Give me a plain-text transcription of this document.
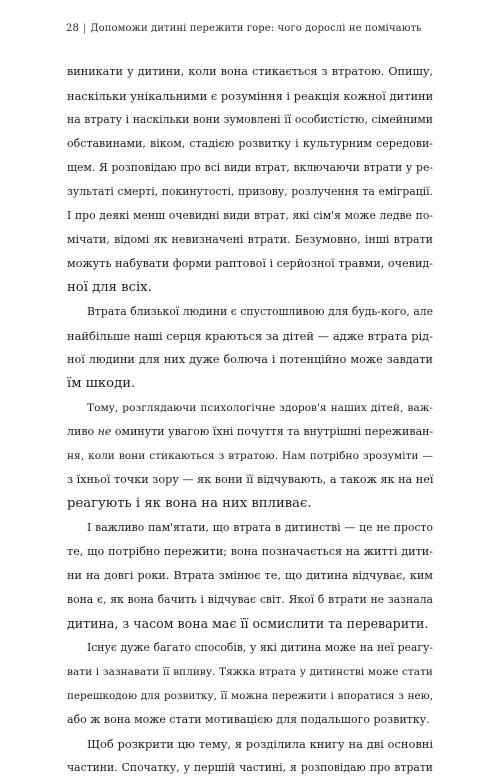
28 | Допоможи дитині пережити горе: чого дорослі не помічають
виникати у дитини, коли вона стикається з втратою. Опишу,
наскільки унікальними є розуміння і реакція кожної дитини
на втрату і наскільки вони зумовлені її особистістю, сімейними
обставинами, віком, стадією розвитку і культурним середови-
щем. Я розповідаю про всі види втрат, включаючи втрати у ре-
зультаті смерті, покинутості, призову, розлучення та еміграції.
І про деякі менш очевидні види втрат, які сім'я може ледве по-
мічати, відомі як невизначені втрати. Безумовно, інші втрати
можуть набувати форми раптової і серйозної травми, очевид-
ної для всіх.
Втрата близької людини є спустошливою для будь-кого, але
найбільше наші серця краються за дітей — адже втрата рід-
ної людини для них дуже болюча і потенційно може завдати
їм шкоди.
Тому, розглядаючи психологічне здоров'я наших дітей, важ-
ливо не оминути увагою їхні почуття та внутрішні переживан-
ня, коли вони стикаються з втратою. Нам потрібно зрозуміти —
з їхньої точки зору — як вони її відчувають, а також як на неї
реагують і як вона на них впливає.
І важливо пам'ятати, що втрата в дитинстві — це не просто
те, що потрібно пережити; вона позначається на житті дити-
ни на довгі роки. Втрата змінює те, що дитина відчуває, ким
вона є, як вона бачить і відчуває світ. Якої б втрати не зазнала
дитина, з часом вона має її осмислити та переварити.
Існує дуже багато способів, у які дитина може на неї реагу-
вати і зазнавати її впливу. Тяжка втрата у дитинстві може стати
перешкодою для розвитку, її можна пережити і впоратися з нею,
або ж вона може стати мотивацією для подальшого розвитку.
Щоб розкрити цю тему, я розділила книгу на дві основні
частини. Спочатку, у першій частині, я розповідаю про втрати
